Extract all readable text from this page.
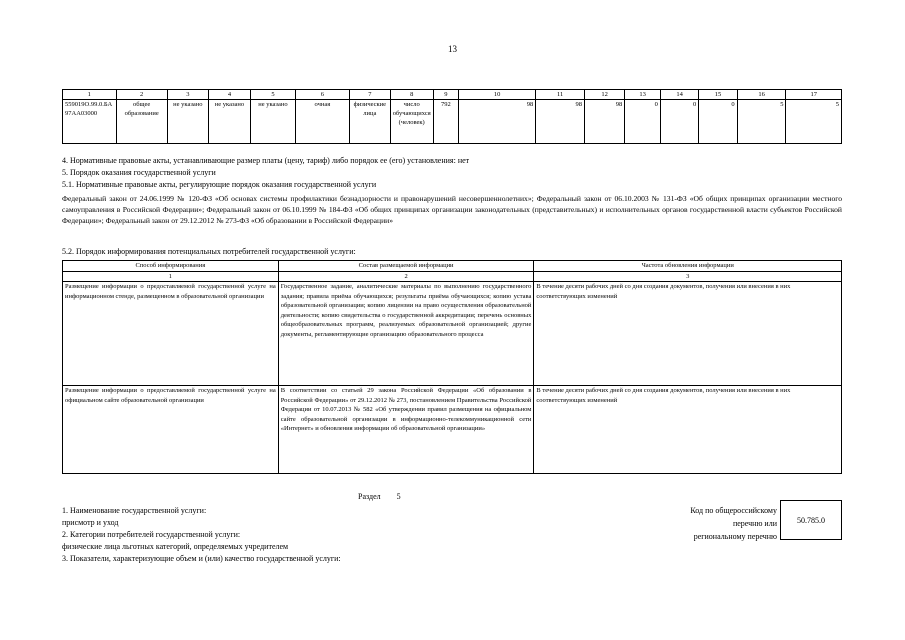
13
1	2	3	4	5	6	7	8	9	10	11	12	13	14	15	16	17
559019О.99.0.БА97АА03000	общее образование	не указано	не указано	не указано	очная	физические лица	число обучающихся (человек)	792	98	98	98	0	0	0	5	5
4. Нормативные правовые акты, устанавливающие размер платы (цену, тариф) либо порядок ее (его) установления: нет
5. Порядок оказания государственной услуги
5.1. Нормативные правовые акты, регулирующие порядок оказания государственной услуги
Федеральный закон от 24.06.1999 № 120-ФЗ «Об основах системы профилактики безнадзорности и правонарушений несовершеннолетних»; Федеральный закон от 06.10.2003 № 131-ФЗ «Об общих принципах организации местного самоуправления в Российской Федерации»; Федеральный закон от 06.10.1999 № 184-ФЗ «Об общих принципах организации законодательных (представительных) и исполнительных органов государственной власти субъектов Российской Федерации»; Федеральный закон от 29.12.2012 № 273-ФЗ «Об образовании в Российской Федерации»
5.2. Порядок информирования потенциальных потребителей государственной услуги:
Способ информирования	Состав размещаемой информации	Частота обновления информации
1	2	3
Размещение информации о предоставляемой государственной услуге на информационном стенде, размещенном в образовательной организации	Государственное задание, аналитические материалы по выполнению государственного задания; правила приёма обучающихся; результаты приёма обучающихся; копию устава образовательной организации; копию лицензии на право осуществления образовательной деятельности; копию свидетельства о государственной аккредитации; перечень основных общеобразовательных программ, реализуемых образовательной организацией; другие документы, регламентирующие организацию образовательного процесса	В течение десяти рабочих дней со дня создания документов, получения или внесения в них соответствующих изменений
Размещение информации о предоставляемой государственной услуге на официальном сайте образовательной организации	В соответствии со статьей 29 закона Российской Федерации «Об образовании в Российской Федерации» от 29.12.2012 № 273, постановлением Правительства Российской Федерации от 10.07.2013 № 582 «Об утверждении правил размещения на официальном сайте образовательной организации в информационно-телекоммуникационной сети «Интернет» и обновления информации об образовательной организации»	В течение десяти рабочих дней со дня создания документов, получения или внесения в них соответствующих изменений
Раздел 5
1. Наименование государственной услуги:
присмотр и уход
2. Категории потребителей государственной услуги:
физические лица льготных категорий, определяемых учредителем
3. Показатели, характеризующие объем и (или) качество государственной услуги:
Код по общероссийскому
перечню или
региональному перечню
50.785.0
